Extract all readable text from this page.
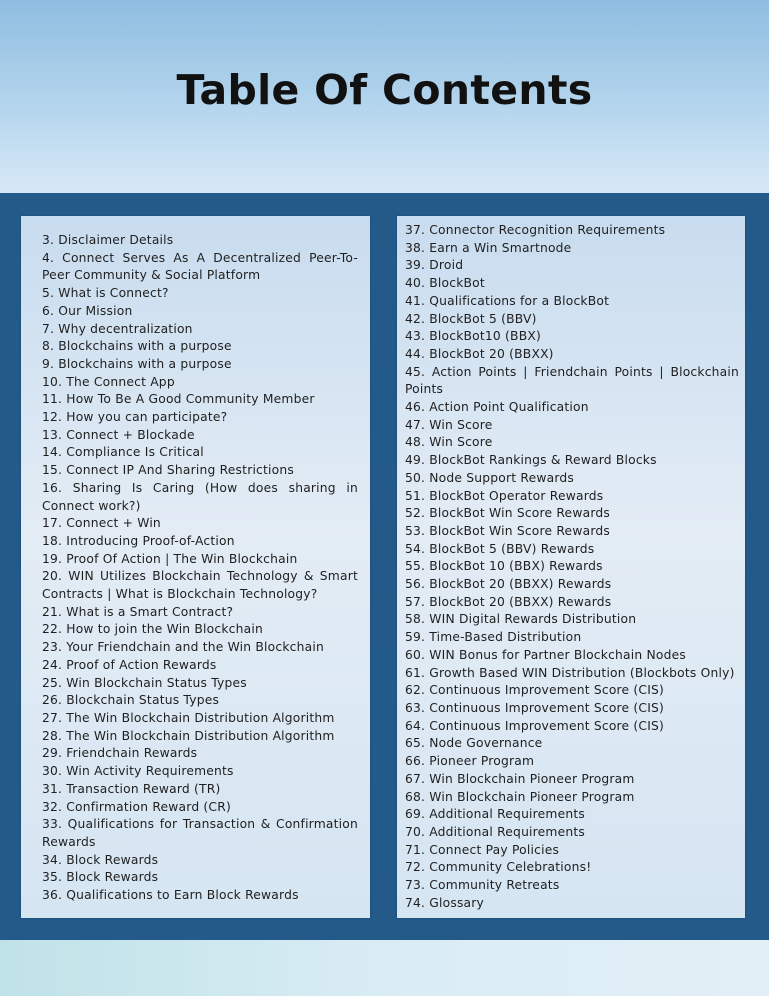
Table Of Contents
3. Disclaimer Details
4. Connect Serves As A Decentralized Peer-To-Peer Community & Social Platform
5. What is Connect?
6. Our Mission
7. Why decentralization
8. Blockchains with a purpose
9. Blockchains with a purpose
10. The Connect App
11. How To Be A Good Community Member
12. How you can participate?
13. Connect + Blockade
14. Compliance Is Critical
15. Connect IP And Sharing Restrictions
16. Sharing Is Caring (How does sharing in Connect work?)
17. Connect + Win
18. Introducing Proof-of-Action
19. Proof Of Action | The Win Blockchain
20. WIN Utilizes Blockchain Technology & Smart Contracts | What is Blockchain Technology?
21. What is a Smart Contract?
22. How to join the Win Blockchain
23. Your Friendchain and the Win Blockchain
24. Proof of Action Rewards
25. Win Blockchain Status Types
26. Blockchain Status Types
27. The Win Blockchain Distribution Algorithm
28. The Win Blockchain Distribution Algorithm
29. Friendchain Rewards
30. Win Activity Requirements
31. Transaction Reward (TR)
32. Confirmation Reward (CR)
33. Qualifications for Transaction & Confirmation Rewards
34. Block Rewards
35. Block Rewards
36. Qualifications to Earn Block Rewards
37. Connector Recognition Requirements
38. Earn a Win Smartnode
39. Droid
40. BlockBot
41. Qualifications for a BlockBot
42. BlockBot 5 (BBV)
43. BlockBot10 (BBX)
44. BlockBot 20 (BBXX)
45. Action Points | Friendchain Points | Blockchain Points
46. Action Point Qualification
47. Win Score
48. Win Score
49. BlockBot Rankings & Reward Blocks
50. Node Support Rewards
51. BlockBot Operator Rewards
52. BlockBot Win Score Rewards
53. BlockBot Win Score Rewards
54. BlockBot 5 (BBV) Rewards
55. BlockBot 10 (BBX) Rewards
56. BlockBot 20 (BBXX) Rewards
57. BlockBot 20 (BBXX) Rewards
58. WIN Digital Rewards Distribution
59. Time-Based Distribution
60. WIN Bonus for Partner Blockchain Nodes
61. Growth Based WIN Distribution (Blockbots Only)
62. Continuous Improvement Score (CIS)
63. Continuous Improvement Score (CIS)
64. Continuous Improvement Score (CIS)
65. Node Governance
66. Pioneer Program
67. Win Blockchain Pioneer Program
68. Win Blockchain Pioneer Program
69. Additional Requirements
70. Additional Requirements
71. Connect Pay Policies
72. Community Celebrations!
73. Community Retreats
74. Glossary
